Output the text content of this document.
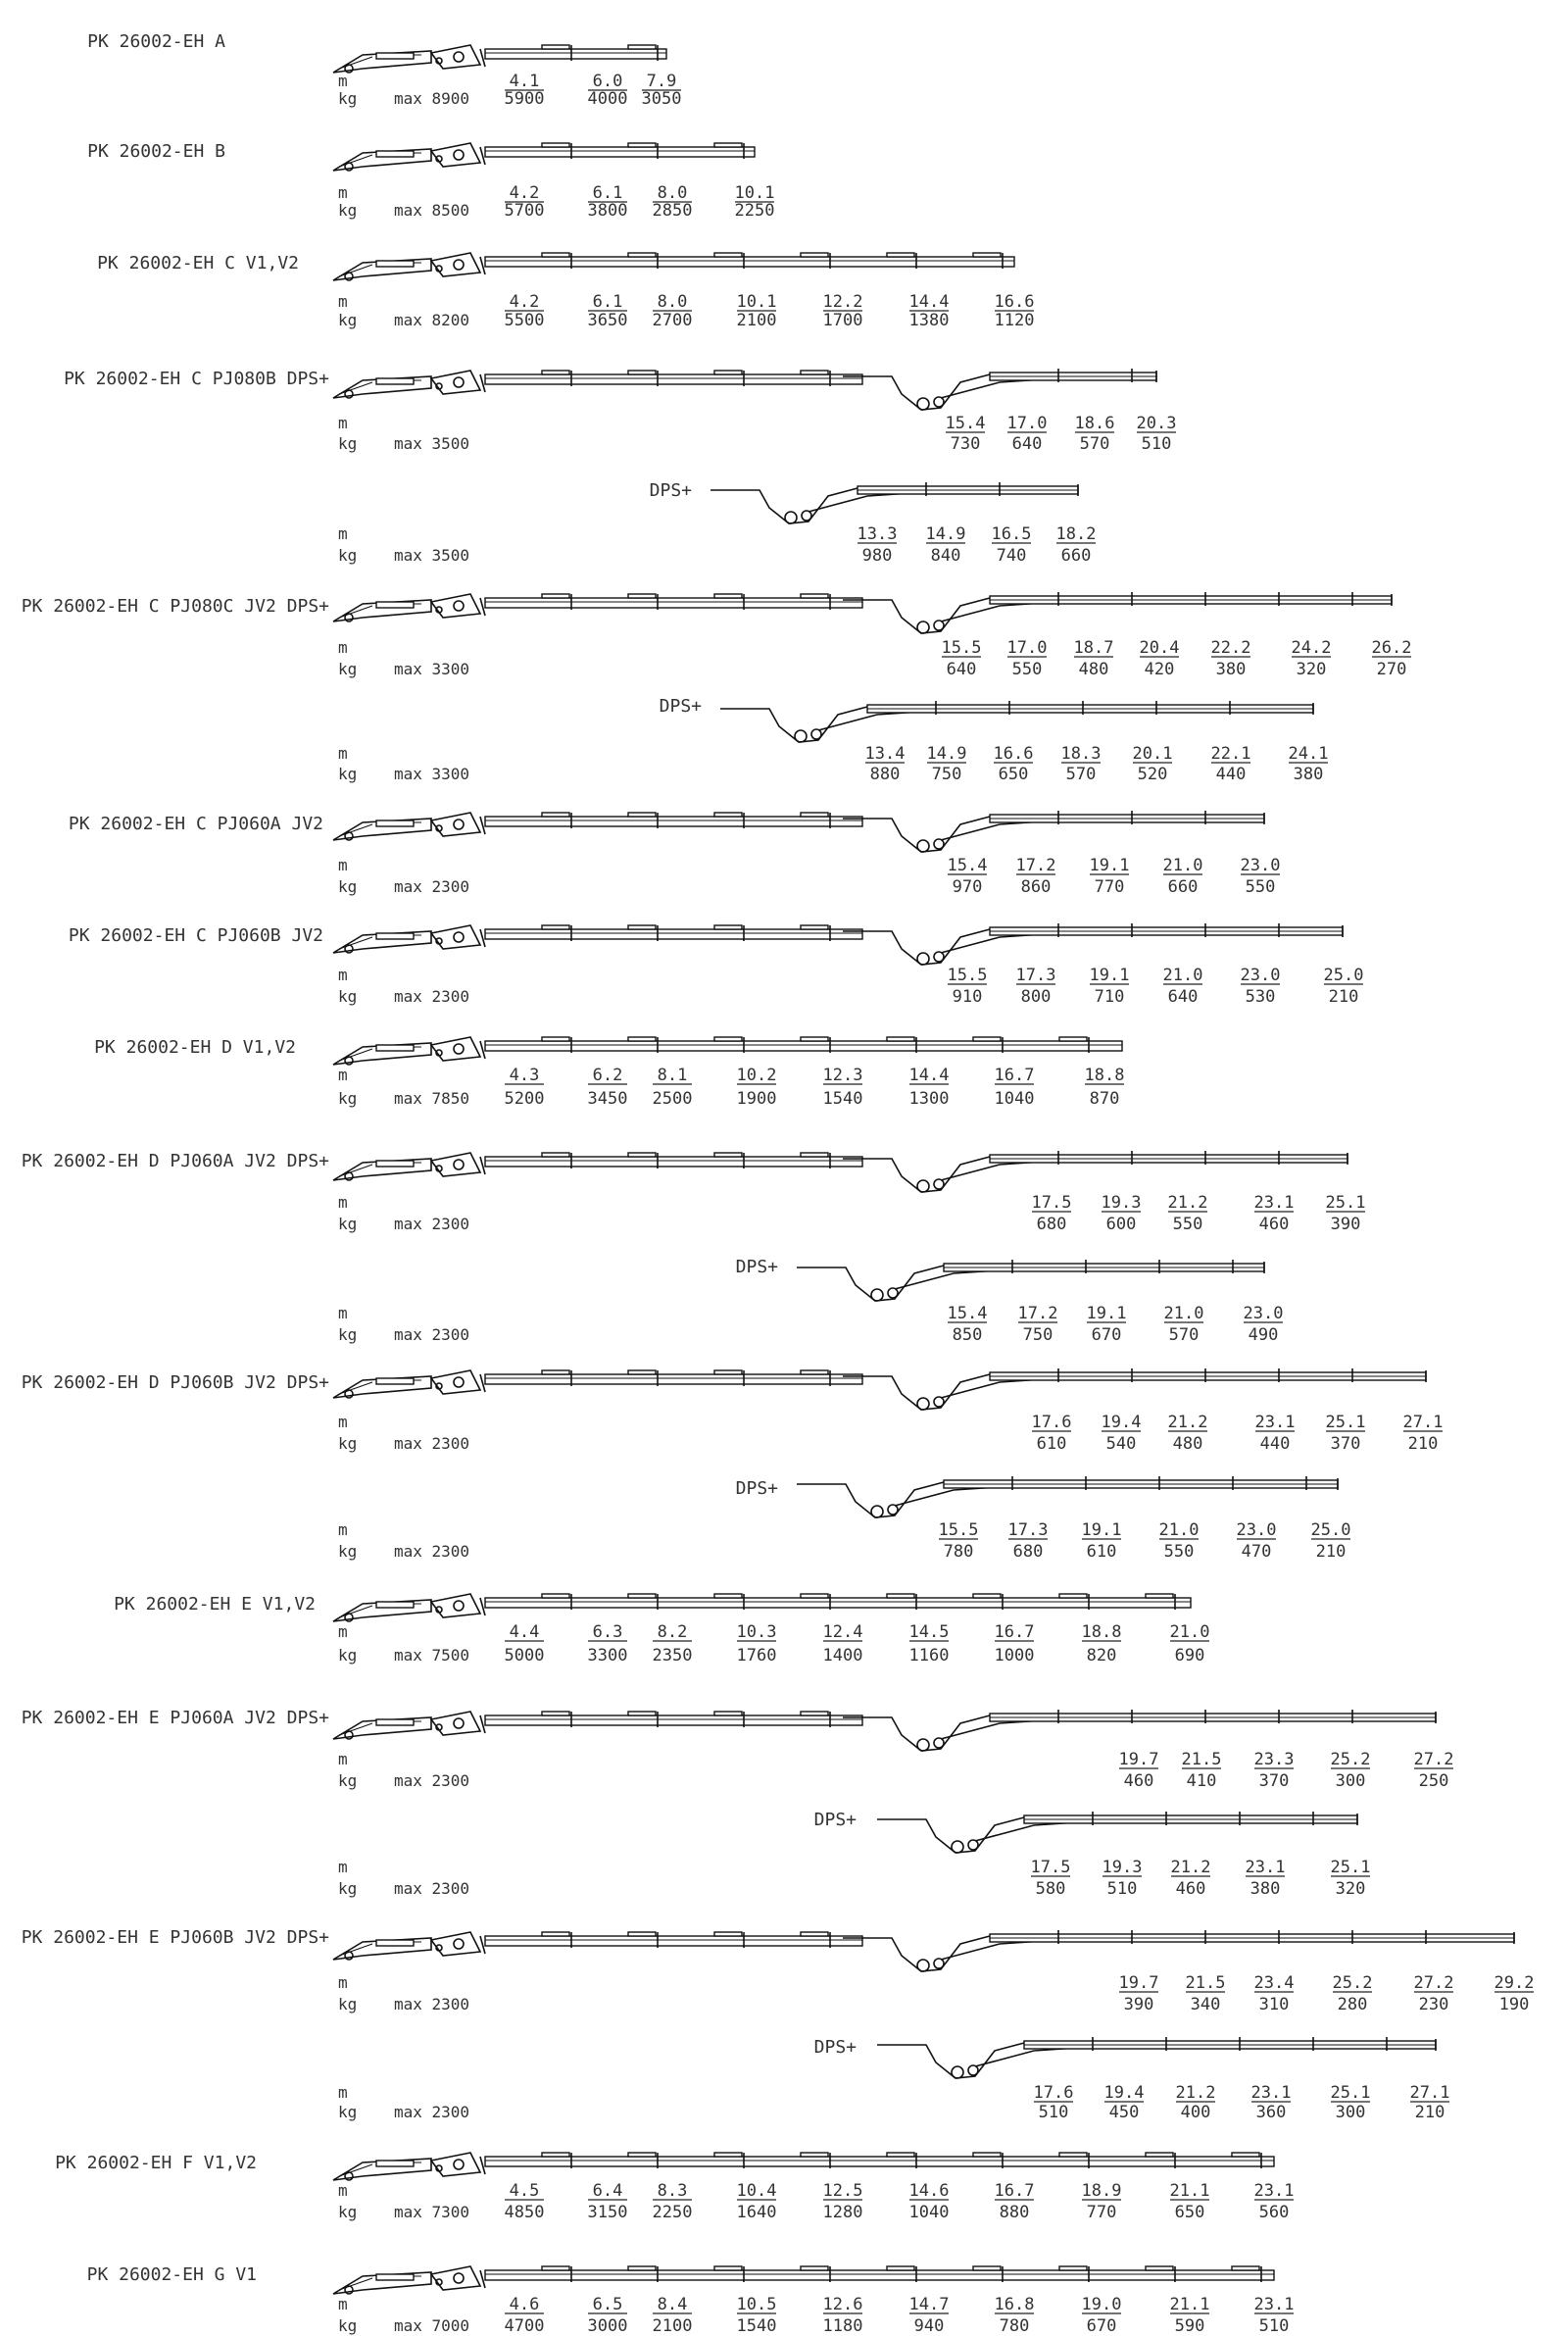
PK 26002-EH A
m
kg max 8900
4.1
5900
6.0
4000
7.9
3050
PK 26002-EH B
m
kg max 8500
4.2
5700
6.1
3800
8.0
2850
10.1
2250
PK 26002-EH C V1,V2
m
kg max 8200
4.2
5500
6.1
3650
8.0
2700
10.1
2100
12.2
1700
14.4
1380
16.6
1120
PK 26002-EH C PJ080B DPS+
m
kg max 3500
15.4
730
17.0
640
18.6
570
20.3
510
DPS+
m
kg max 3500
13.3
980
14.9
840
16.5
740
18.2
660
PK 26002-EH C PJ080C JV2 DPS+
m
kg max 3300
15.5
640
17.0
550
18.7
480
20.4
420
22.2
380
24.2
320
26.2
270
DPS+
m
kg max 3300
13.4
880
14.9
750
16.6
650
18.3
570
20.1
520
22.1
440
24.1
380
PK 26002-EH C PJ060A JV2
m
kg max 2300
15.4
970
17.2
860
19.1
770
21.0
660
23.0
550
PK 26002-EH C PJ060B JV2
m
kg max 2300
15.5
910
17.3
800
19.1
710
21.0
640
23.0
530
25.0
210
PK 26002-EH D V1,V2
m
kg max 7850
4.3
5200
6.2
3450
8.1
2500
10.2
1900
12.3
1540
14.4
1300
16.7
1040
18.8
870
PK 26002-EH D PJ060A JV2 DPS+
m
kg max 2300
17.5
680
19.3
600
21.2
550
23.1
460
25.1
390
DPS+
m
kg max 2300
15.4
850
17.2
750
19.1
670
21.0
570
23.0
490
PK 26002-EH D PJ060B JV2 DPS+
m
kg max 2300
17.6
610
19.4
540
21.2
480
23.1
440
25.1
370
27.1
210
DPS+
m
kg max 2300
15.5
780
17.3
680
19.1
610
21.0
550
23.0
470
25.0
210
PK 26002-EH E V1,V2
m
kg max 7500
4.4
5000
6.3
3300
8.2
2350
10.3
1760
12.4
1400
14.5
1160
16.7
1000
18.8
820
21.0
690
PK 26002-EH E PJ060A JV2 DPS+
m
kg max 2300
19.7
460
21.5
410
23.3
370
25.2
300
27.2
250
DPS+
m
kg max 2300
17.5
580
19.3
510
21.2
460
23.1
380
25.1
320
PK 26002-EH E PJ060B JV2 DPS+
m
kg max 2300
19.7
390
21.5
340
23.4
310
25.2
280
27.2
230
29.2
190
DPS+
m
kg max 2300
17.6
510
19.4
450
21.2
400
23.1
360
25.1
300
27.1
210
PK 26002-EH F V1,V2
m
kg max 7300
4.5
4850
6.4
3150
8.3
2250
10.4
1640
12.5
1280
14.6
1040
16.7
880
18.9
770
21.1
650
23.1
560
PK 26002-EH G V1
m
kg max 7000
4.6
4700
6.5
3000
8.4
2100
10.5
1540
12.6
1180
14.7
940
16.8
780
19.0
670
21.1
590
23.1
510
